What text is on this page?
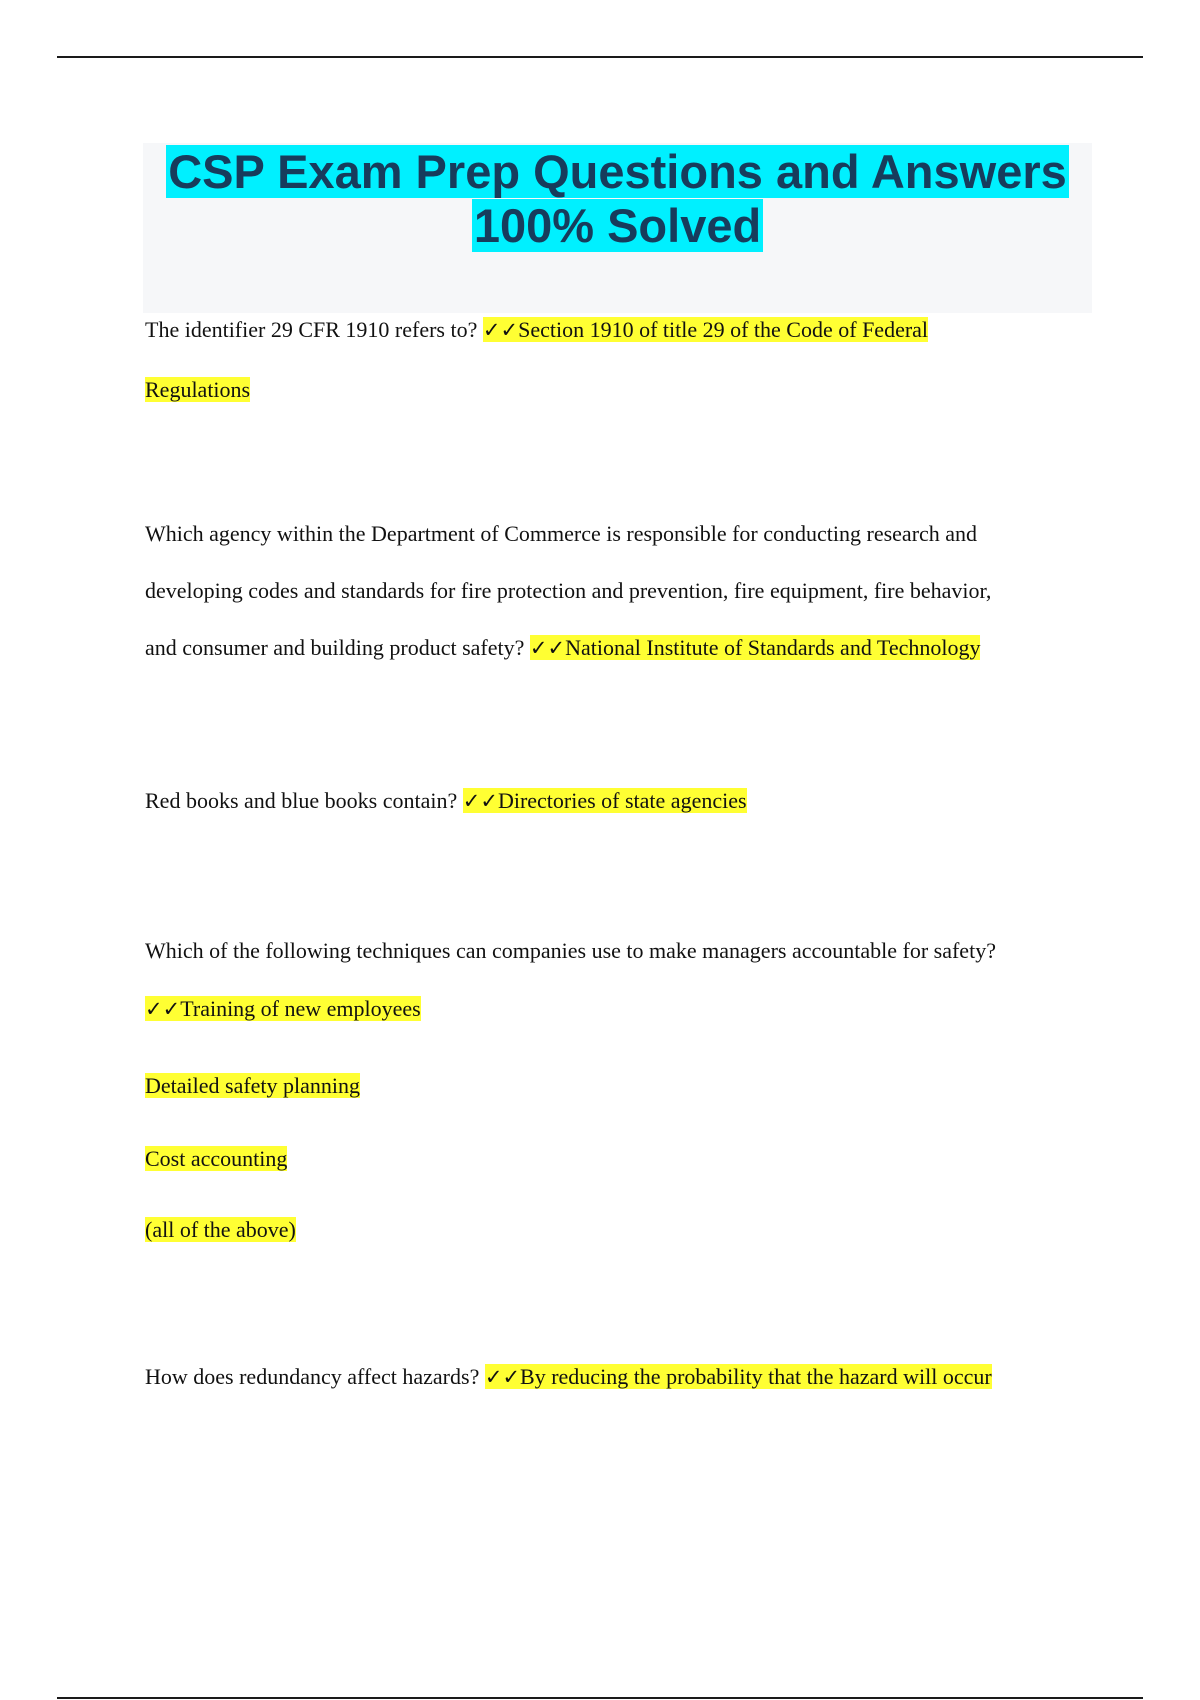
CSP Exam Prep Questions and Answers
100% Solved
The identifier 29 CFR 1910 refers to? ✓✓Section 1910 of title 29 of the Code of Federal
Regulations
Which agency within the Department of Commerce is responsible for conducting research and
developing codes and standards for fire protection and prevention, fire equipment, fire behavior,
and consumer and building product safety? ✓✓National Institute of Standards and Technology
Red books and blue books contain? ✓✓Directories of state agencies
Which of the following techniques can companies use to make managers accountable for safety?
✓✓Training of new employees
Detailed safety planning
Cost accounting
(all of the above)
How does redundancy affect hazards? ✓✓By reducing the probability that the hazard will occur
